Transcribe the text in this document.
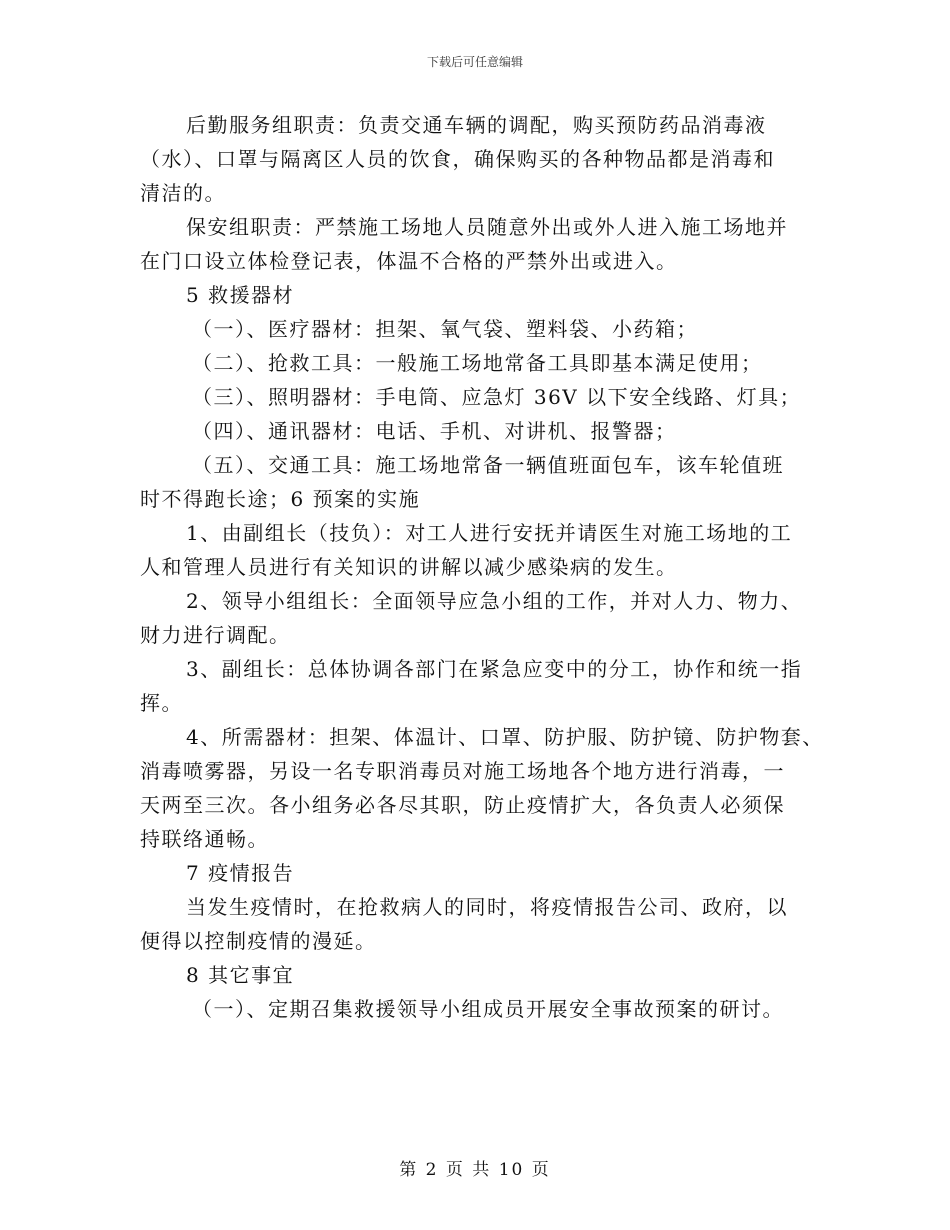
下载后可任意编辑
后勤服务组职责：负责交通车辆的调配，购买预防药品消毒液
（水）、口罩与隔离区人员的饮食，确保购买的各种物品都是消毒和
清洁的。
保安组职责：严禁施工场地人员随意外出或外人进入施工场地并
在门口设立体检登记表，体温不合格的严禁外出或进入。
5 救援器材
（一）、医疗器材：担架、氧气袋、塑料袋、小药箱；
（二）、抢救工具：一般施工场地常备工具即基本满足使用；
（三）、照明器材：手电筒、应急灯 36V 以下安全线路、灯具；
（四）、通讯器材：电话、手机、对讲机、报警器；
（五）、交通工具：施工场地常备一辆值班面包车，该车轮值班
时不得跑长途；6 预案的实施
1、由副组长（技负）：对工人进行安抚并请医生对施工场地的工
人和管理人员进行有关知识的讲解以减少感染病的发生。
2、领导小组组长：全面领导应急小组的工作，并对人力、物力、
财力进行调配。
3、副组长：总体协调各部门在紧急应变中的分工，协作和统一指
挥。
4、所需器材：担架、体温计、口罩、防护服、防护镜、防护物套、
消毒喷雾器，另设一名专职消毒员对施工场地各个地方进行消毒，一
天两至三次。各小组务必各尽其职，防止疫情扩大，各负责人必须保
持联络通畅。
7 疫情报告
当发生疫情时，在抢救病人的同时，将疫情报告公司、政府，以
便得以控制疫情的漫延。
8 其它事宜
（一）、定期召集救援领导小组成员开展安全事故预案的研讨。
第 2 页 共 10 页
